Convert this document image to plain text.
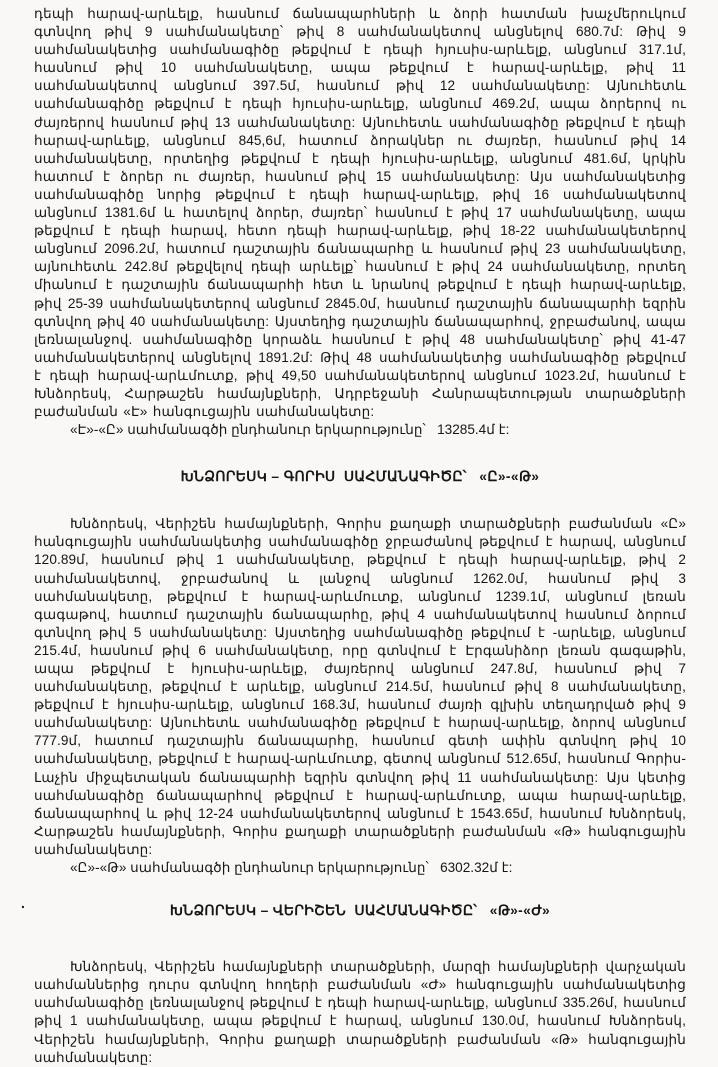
դեպի հարավ-արևելք, հասնում ճանապարհների և ձորի հատման խաչմերուկում գտնվող թիվ 9 սահմանակետը՝ թիվ 8 սահմանակետով անցնելով 680.7մ: Թիվ 9 սահմանակետից սահմանագիծը թեքվում է դեպի հյուսիս-արևելք, անցնում 317.1մ, հասնում թիվ 10 սահմանակետը, ապա թեքվում է հարավ-արևելք, թիվ 11 սահմանակետով անցնում 397.5մ, հասնում թիվ 12 սահմանակետը: Այնուհետև սահմանագիծը թեքվում է դեպի հյուսիս-արևելք, անցնում 469.2մ, ապա ձորերով ու ժայռերով հասնում թիվ 13 սահմանակետը: Այնուհետև սահմանագիծը թեքվում է դեպի հարավ-արևելք, անցնում 845,6մ, հատում ձորակներ ու ժայռեր, հասնում թիվ 14 սահմանակետը, որտեղից թեքվում է դեպի հյուսիս-արևելք, անցնում 481.6մ, կրկին հատում է ձորեր ու ժայռեր, հասնում թիվ 15 սահմանակետը: Այս սահմանակետից սահմանագիծը նորից թեքվում է դեպի հարավ-արևելք, թիվ 16 սահմանակետով անցնում 1381.6մ և հատելով ձորեր, ժայռեր՝ հասնում է թիվ 17 սահմանակետը, ապա թեքվում է դեպի հարավ, հետո դեպի հարավ-արևելք, թիվ 18-22 սահմանակետերով անցնում 2096.2մ, հատում դաշտային ճանապարհը և հասնում թիվ 23 սահմանակետը, այնուհետև 242.8մ թեքվելով դեպի արևելք՝ հասնում է թիվ 24 սահմանակետը, որտեղ միանում է դաշտային ճանապարհի հետ և նրանով թեքվում է դեպի հարավ-արևելք, թիվ 25-39 սահմանակետերով անցնում 2845.0մ, հասնում դաշտային ճանապարհի եզրին գտնվող թիվ 40 սահմանակետը: Այստեղից դաշտային ճանապարհով, ջրբաժանով, ապա լեռնալանջով. սահմանագիծը կորաձև հասնում է թիվ 48 սահմանակետը՝ թիվ 41-47 սահմանակետերով անցնելով 1891.2մ: Թիվ 48 սահմանակետից սահմանագիծը թեքվում է դեպի հարավ-արևմուտք, թիվ 49,50 սահմանակետերով անցնում 1023.2մ, հասնում է Խնձորեսկ, Հարթաշեն համայնքների, Ադրբեջանի Հանրապետության տարածքների բաժանման «Է» հանգուցային սահմանակետը:

«Է»-«Ը» սահմանագծի ընդհանուր երկարությունը՝   13285.4մ է:

ԽՆՁՈՐԵՍԿ – ԳՈՐԻՍ  ՍԱՀՄԱՆԱԳԻԾԸ՝   «Ը»-«Թ»

Խնձորեսկ, Վերիշեն համայնքների, Գորիս քաղաքի տարածքների բաժանման «Ը» հանգուցային սահմանակետից սահմանագիծը ջրբաժանով թեքվում է հարավ, անցնում 120.89մ, հասնում թիվ 1 սահմանակետը, թեքվում է դեպի հարավ-արևելք, թիվ 2 սահմանակետով, ջրբաժանով և լանջով անցնում 1262.0մ, հասնում թիվ 3 սահմանակետը, թեքվում է հարավ-արևմուտք, անցնում 1239.1մ, անցնում լեռան գագաթով, հատում դաշտային ճանապարհը, թիվ 4 սահմանակետով հասնում ձորում գտնվող թիվ 5 սահմանակետը: Այստեղից սահմանագիծը թեքվում է -արևելք, անցնում 215.4մ, հասնում թիվ 6 սահմանակետը, որը գտնվում է Էրգանիձոր լեռան գագաթին, ապա թեքվում է հյուսիս-արևելք, ժայռերով անցնում 247.8մ, հասնում թիվ 7 սահմանակետը, թեքվում է արևելք, անցնում 214.5մ, հասնում թիվ 8 սահմանակետը, թեքվում է հյուսիս-արևելք, անցնում 168.3մ, հասնում ժայռի գլխին տեղադրված թիվ 9 սահմանակետը: Այնուհետև սահմանագիծը թեքվում է հարավ-արևելք, ձորով անցնում 777.9մ, հատում դաշտային ճանապարհը, հասնում գետի ափին գտնվող թիվ 10 սահմանակետը, թեքվում է հարավ-արևմուտք, գետով անցնում 512.65մ, հասնում Գորիս-Լաչին միջպետական ճանապարհի եզրին գտնվող թիվ 11 սահմանակետը: Այս կետից սահմանագիծը ճանապարհով թեքվում է հարավ-արևմուտք, ապա հարավ-արևելք, ճանապարհով և թիվ 12-24 սահմանակետերով անցնում է 1543.65մ, հասնում Խնձորեսկ, Հարթաշեն համայնքների, Գորիս քաղաքի տարածքների բաժանման «Թ» հանգուցային սահմանակետը:

«Ը»-«Թ» սահմանագծի ընդհանուր երկարությունը՝   6302.32մ է:

ԽՆՁՈՐԵՍԿ – ՎԵՐԻՇԵՆ  ՍԱՀՄԱՆԱԳԻԾԸ՝   «Թ»-«Ժ»
.

Խնձորեսկ, Վերիշեն համայնքների տարածքների, մարզի համայնքների վարչական սահմաններից դուրս գտնվող հողերի բաժանման «Ժ» հանգուցային սահմանակետից սահմանագիծը լեռնալանջով թեքվում է դեպի հարավ-արևելք, անցնում 335.26մ, հասնում թիվ 1 սահմանակետը, ապա թեքվում է հարավ, անցնում 130.0մ, հասնում Խնձորեսկ, Վերիշեն համայնքների, Գորիս քաղաքի տարածքների բաժանման «Թ» հանգուցային սահմանակետը:
